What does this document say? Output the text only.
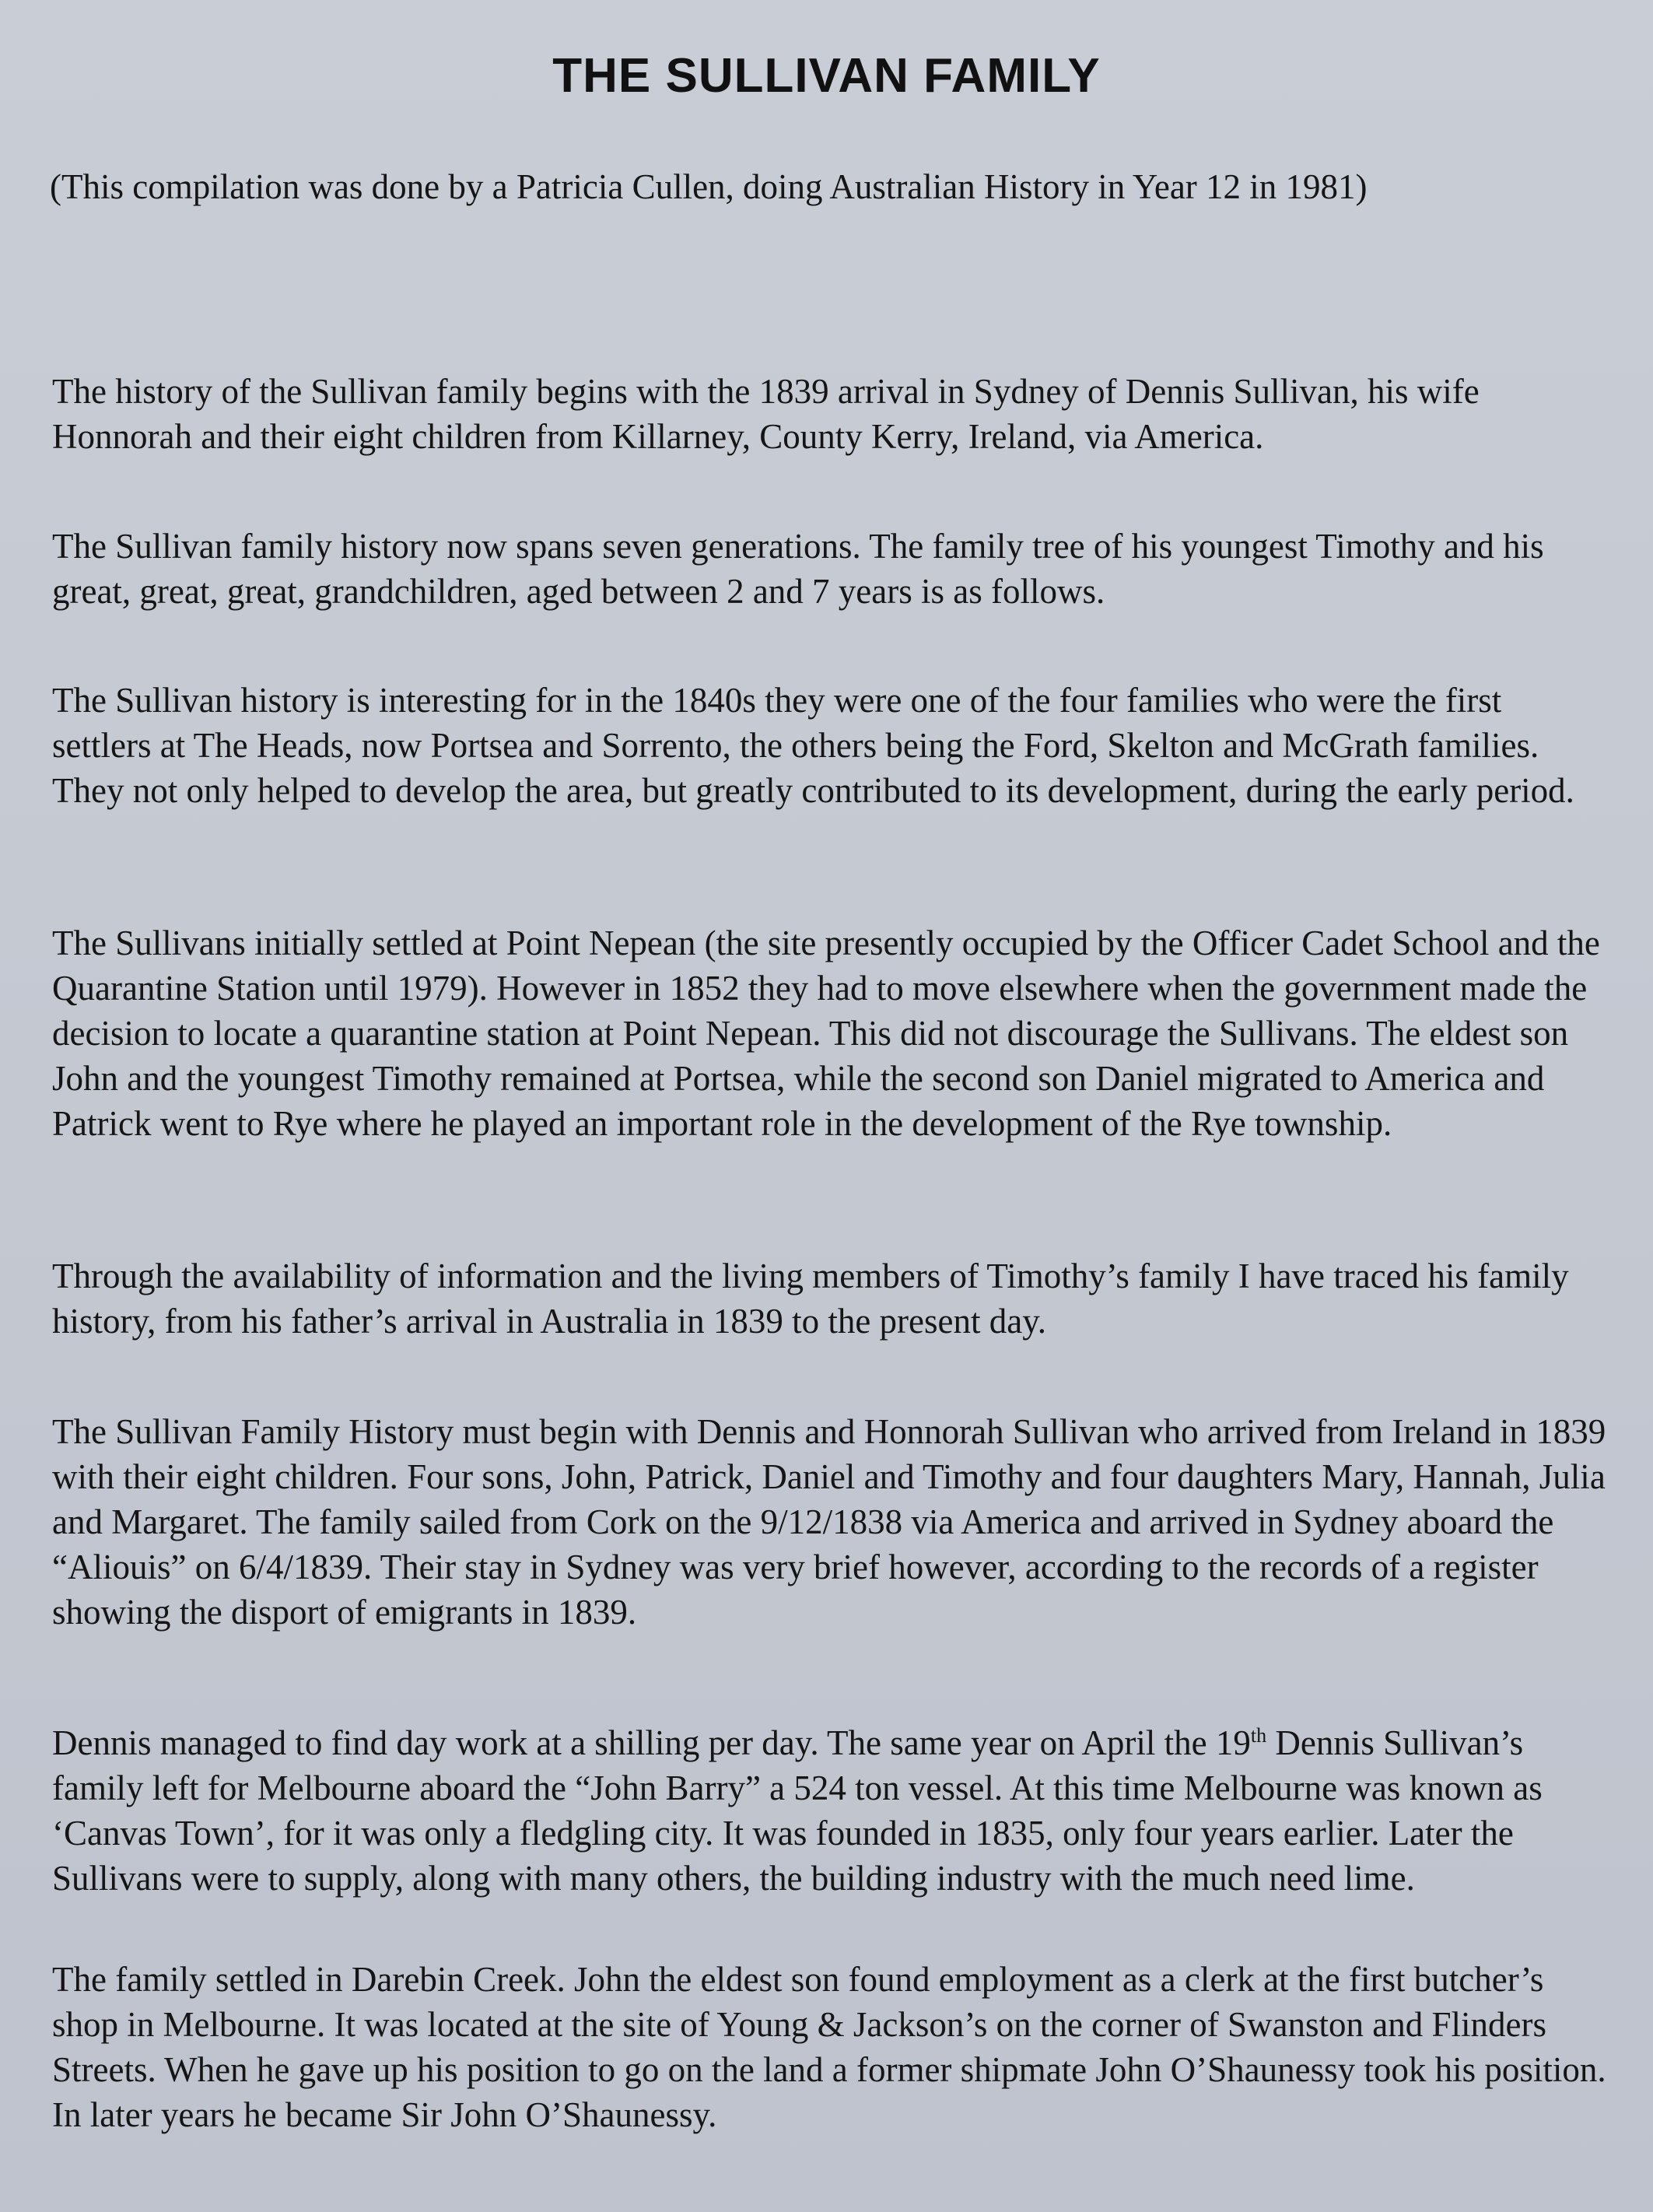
THE SULLIVAN FAMILY

(This compilation was done by a Patricia Cullen, doing Australian History in Year 12 in 1981)

The history of the Sullivan family begins with the 1839 arrival in Sydney of Dennis Sullivan, his wife Honnorah and their eight children from Killarney, County Kerry, Ireland, via America.

The Sullivan family history now spans seven generations. The family tree of his youngest Timothy and his great, great, great, grandchildren, aged between 2 and 7 years is as follows.

The Sullivan history is interesting for in the 1840s they were one of the four families who were the first settlers at The Heads, now Portsea and Sorrento, the others being the Ford, Skelton and McGrath families. They not only helped to develop the area, but greatly contributed to its development, during the early period.

The Sullivans initially settled at Point Nepean (the site presently occupied by the Officer Cadet School and the Quarantine Station until 1979). However in 1852 they had to move elsewhere when the government made the decision to locate a quarantine station at Point Nepean. This did not discourage the Sullivans. The eldest son John and the youngest Timothy remained at Portsea, while the second son Daniel migrated to America and Patrick went to Rye where he played an important role in the development of the Rye township.

Through the availability of information and the living members of Timothy’s family I have traced his family history, from his father’s arrival in Australia in 1839 to the present day.

The Sullivan Family History must begin with Dennis and Honnorah Sullivan who arrived from Ireland in 1839 with their eight children. Four sons, John, Patrick, Daniel and Timothy and four daughters Mary, Hannah, Julia and Margaret. The family sailed from Cork on the 9/12/1838 via America and arrived in Sydney aboard the “Aliouis” on 6/4/1839. Their stay in Sydney was very brief however, according to the records of a register showing the disport of emigrants in 1839.

Dennis managed to find day work at a shilling per day. The same year on April the 19th Dennis Sullivan’s family left for Melbourne aboard the “John Barry” a 524 ton vessel. At this time Melbourne was known as ‘Canvas Town’, for it was only a fledgling city. It was founded in 1835, only four years earlier. Later the Sullivans were to supply, along with many others, the building industry with the much need lime.

The family settled in Darebin Creek. John the eldest son found employment as a clerk at the first butcher’s shop in Melbourne. It was located at the site of Young & Jackson’s on the corner of Swanston and Flinders Streets. When he gave up his position to go on the land a former shipmate John O’Shaunessy took his position. In later years he became Sir John O’Shaunessy.
